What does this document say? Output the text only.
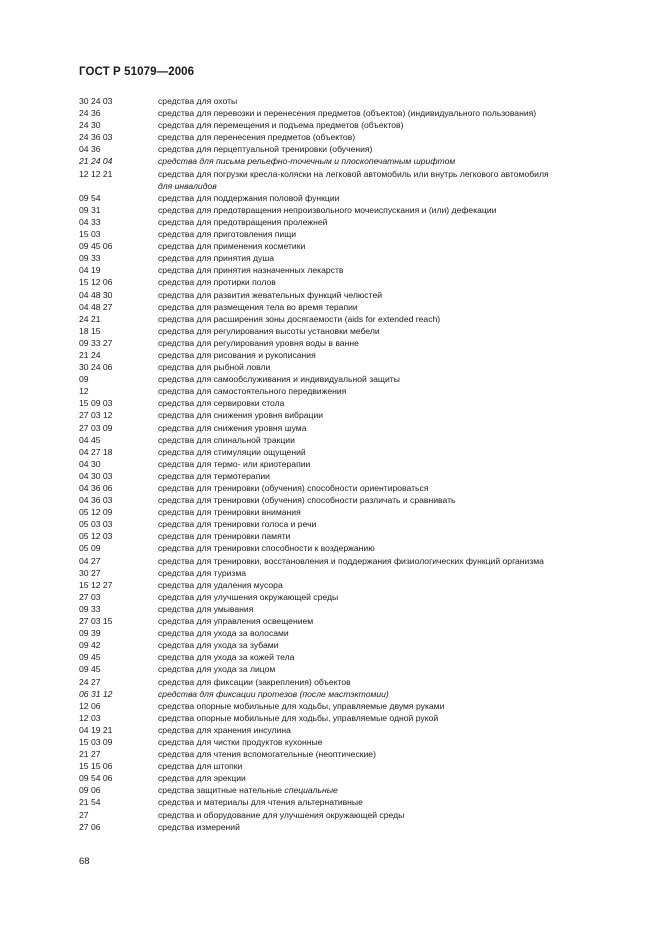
ГОСТ Р 51079—2006
30 24 03	средства для охоты
24 36	средства для перевозки и перенесения предметов (объектов) (индивидуального пользования)
24 30	средства для перемещения и подъема предметов (объектов)
24 36 03	средства для перенесения предметов (объектов)
04 36	средства для перцептуальной тренировки (обучения)
21 24 04	средства для письма рельефно-точечным и плоскопечатным шрифтом
12 12 21	средства для погрузки кресла-коляски на легковой автомобиль или внутрь легкового автомобиля
для инвалидов
09 54	средства для поддержания половой функции
09 31	средства для предотвращения непроизвольного мочеиспускания и (или) дефекации
04 33	средства для предотвращения пролежней
15 03	средства для приготовления пищи
09 45 06	средства для применения косметики
09 33	средства для принятия душа
04 19	средства для принятия назначенных лекарств
15 12 06	средства для протирки полов
04 48 30	средства для развития жевательных функций челюстей
04 48 27	средства для размещения тела во время терапии
24 21	средства для расширения зоны досягаемости (aids for extended reach)
18 15	средства для регулирования высоты установки мебели
09 33 27	средства для регулирования уровня воды в ванне
21 24	средства для рисования и рукописания
30 24 06	средства для рыбной ловли
09	средства для самообслуживания и индивидуальной защиты
12	средства для самостоятельного передвижения
15 09 03	средства для сервировки стола
27 03 12	средства для снижения уровня вибрации
27 03 09	средства для снижения уровня шума
04 45	средства для спинальной тракции
04 27 18	средства для стимуляции ощущений
04 30	средства для термо- или криотерапии
04 30 03	средства для термотерапии
04 36 06	средства для тренировки (обучения) способности ориентироваться
04 36 03	средства для тренировки (обучения) способности различать и сравнивать
05 12 09	средства для тренировки внимания
05 03 03	средства для тренировки голоса и речи
05 12 03	средства для тренировки памяти
05 09	средства для тренировки способности к воздержанию
04 27	средства для тренировки, восстановления и поддержания физиологических функций организма
30 27	средства для туризма
15 12 27	средства для удаления мусора
27 03	средства для улучшения окружающей среды
09 33	средства для умывания
27 03 15	средства для управления освещением
09 39	средства для ухода за волосами
09 42	средства для ухода за зубами
09 45	средства для ухода за кожей тела
09 45	средства для ухода за лицом
24 27	средства для фиксации (закрепления) объектов
06 31 12	средства для фиксации протезов (после мастэктомии)
12 06	средства опорные мобильные для ходьбы, управляемые двумя руками
12 03	средства опорные мобильные для ходьбы, управляемые одной рукой
04 19 21	средства для хранения инсулина
15 03 09	средства для чистки продуктов кухонные
21 27	средства для чтения вспомогательные (неоптические)
15 15 06	средства для штопки
09 54 06	средства для эрекции
09 06	средства защитные нательные специальные
21 54	средства и материалы для чтения альтернативные
27	средства и оборудование для улучшения окружающей среды
27 06	средства измерений
68
